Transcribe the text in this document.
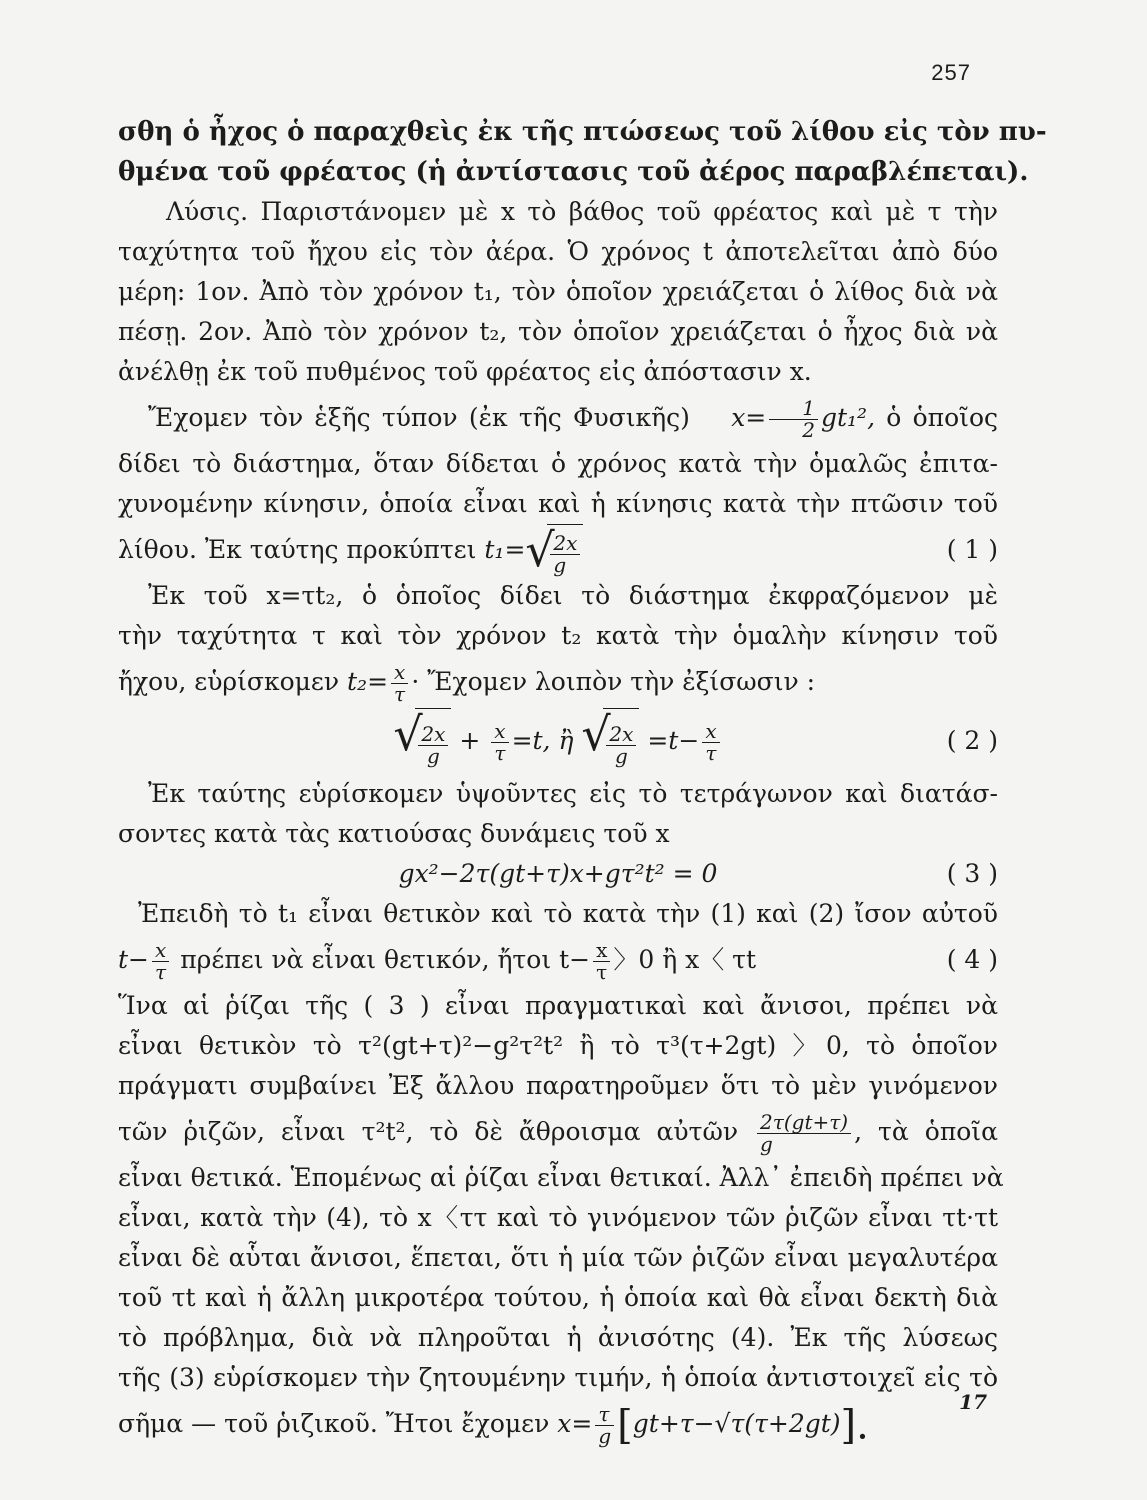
257
σθη ὁ ἦχος ὁ παραχθεὶς ἐκ τῆς πτώσεως τοῦ λίθου εἰς τὸν πυ-
θμένα τοῦ φρέατος (ἡ ἀντίστασις τοῦ ἀέρος παραβλέπεται).
Λύσις. Παριστάνομεν μὲ x τὸ βάθος τοῦ φρέατος καὶ μὲ τ τὴν
ταχύτητα τοῦ ἤχου εἰς τὸν ἀέρα. Ὁ χρόνος t ἀποτελεῖται ἀπὸ δύο
μέρη: 1ον. Ἀπὸ τὸν χρόνον t₁, τὸν ὁποῖον χρειάζεται ὁ λίθος διὰ νὰ
πέσῃ. 2ον. Ἀπὸ τὸν χρόνον t₂, τὸν ὁποῖον χρειάζεται ὁ ἦχος διὰ νὰ
ἀνέλθῃ ἐκ τοῦ πυθμένος τοῦ φρέατος εἰς ἀπόστασιν x.
Ἔχομεν τὸν ἑξῆς τύπον (ἐκ τῆς Φυσικῆς) $x= \frac{1}{2} gt_1^2$, ὁ ὁποῖος
δίδει τὸ διάστημα, ὅταν δίδεται ὁ χρόνος κατὰ τὴν ὁμαλῶς ἐπιτα-
χυνομένην κίνησιν, ὁποία εἶναι καὶ ἡ κίνησις κατὰ τὴν πτῶσιν τοῦ
λίθου. Ἐκ ταύτης προκύπτει t₁= √
$\frac{2x}{g}$	( 1 )
Ἐκ τοῦ x=τt₂, ὁ ὁποῖος δίδει τὸ διάστημα ἐκφραζόμενον μὲ
τὴν ταχύτητα τ καὶ τὸν χρόνον t₂ κατὰ τὴν ὁμαλὴν κίνησιν τοῦ
ἤχου, εὑρίσκομεν $t_2= \frac{x}{\tau}$ · Ἔχομεν λοιπὸν τὴν ἐξίσωσιν :
√
$\frac{2x}{g} + \frac{x}{\tau} =t$, ἢ √
$\frac{2x}{g} =t- \frac{x}{\tau}$	( 2 )
Ἐκ ταύτης εὑρίσκομεν ὑψοῦντες εἰς τὸ τετράγωνον καὶ διατάσ-
σοντες κατὰ τὰς κατιούσας δυνάμεις τοῦ x
gx²−2τ(gt+τ)x+gτ²t² = 0	( 3 )
Ἐπειδὴ τὸ t₁ εἶναι θετικὸν καὶ τὸ κατὰ τὴν (1) καὶ (2) ἴσον αὐτοῦ
$t- \frac{x}{\tau}$ πρέπει νὰ εἶναι θετικόν, ἤτοι $t- \frac{x}{\tau}$ 〉0 ἢ x〈 τt	( 4 )
Ἵνα αἱ ῥίζαι τῆς ( 3 ) εἶναι πραγματικαὶ καὶ ἄνισοι, πρέπει νὰ
εἶναι θετικὸν τὸ τ²(gt+τ)²−g²τ²t² ἢ τὸ τ³(τ+2gt) 〉0, τὸ ὁποῖον
πράγματι συμβαίνει Ἐξ ἄλλου παρατηροῦμεν ὅτι τὸ μὲν γινόμενον
τῶν ῥιζῶν, εἶναι τ²t², τὸ δὲ ἄθροισμα αὐτῶν $\frac{2\tau(gt+\tau)}{g}$ , τὰ ὁποῖα
εἶναι θετικά. Ἑπομένως αἱ ῥίζαι εἶναι θετικαί. Ἀλλ᾽ ἐπειδὴ πρέπει νὰ
εἶναι, κατὰ τὴν (4), τὸ x〈ττ καὶ τὸ γινόμενον τῶν ῥιζῶν εἶναι τt·τt
εἶναι δὲ αὗται ἄνισοι, ἕπεται, ὅτι ἡ μία τῶν ῥιζῶν εἶναι μεγαλυτέρα
τοῦ τt καὶ ἡ ἄλλη μικροτέρα τούτου, ἡ ὁποία καὶ θὰ εἶναι δεκτὴ διὰ
τὸ πρόβλημα, διὰ νὰ πληροῦται ἡ ἀνισότης (4). Ἐκ τῆς λύσεως
τῆς (3) εὑρίσκομεν τὴν ζητουμένην τιμήν, ἡ ὁποία ἀντιστοιχεῖ εἰς τὸ
σῆμα — τοῦ ῥιζικοῦ. Ἤτοι ἔχομεν $x= \frac{\tau}{g} [gt+\tau-√\tau(\tau+2gt)]$.
17
